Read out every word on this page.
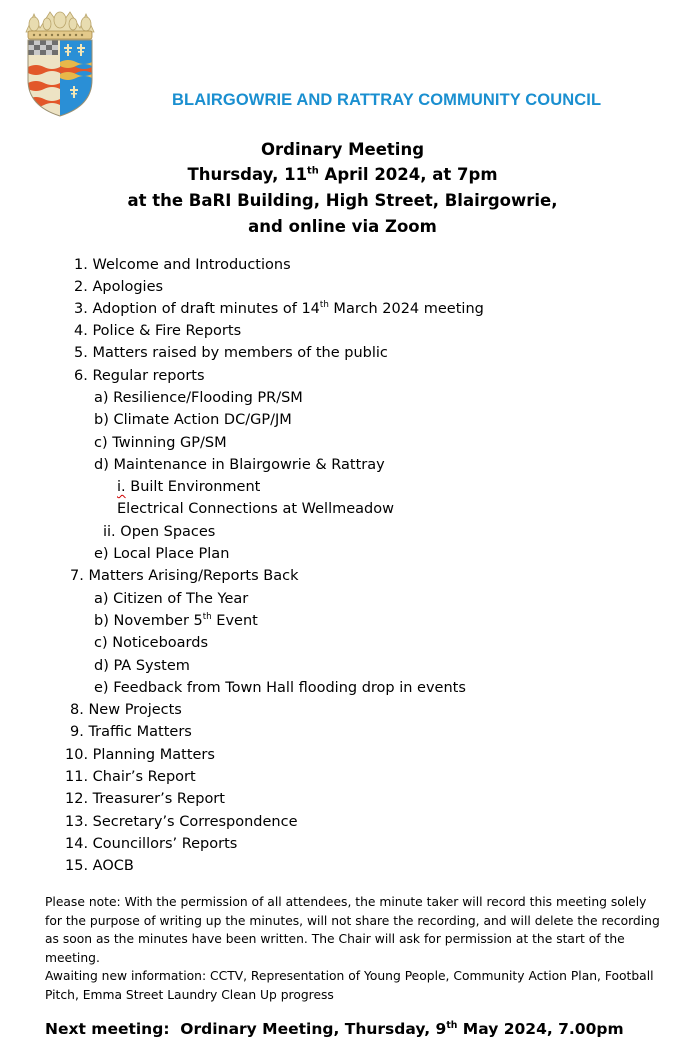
BLAIRGOWRIE AND RATTRAY COMMUNITY COUNCIL
Ordinary Meeting
Thursday, 11th April 2024, at 7pm
at the BaRI Building, High Street, Blairgowrie,
and online via Zoom
1. Welcome and Introductions
2. Apologies
3. Adoption of draft minutes of 14th March 2024 meeting
4. Police & Fire Reports
5. Matters raised by members of the public
6. Regular reports
a) Resilience/Flooding PR/SM
b) Climate Action DC/GP/JM
c) Twinning GP/SM
d) Maintenance in Blairgowrie & Rattray
i. Built Environment
Electrical Connections at Wellmeadow
ii. Open Spaces
e) Local Place Plan
7. Matters Arising/Reports Back
a) Citizen of The Year
b) November 5th Event
c) Noticeboards
d) PA System
e) Feedback from Town Hall flooding drop in events
8. New Projects
9. Traffic Matters
10. Planning Matters
11. Chair’s Report
12. Treasurer’s Report
13. Secretary’s Correspondence
14. Councillors’ Reports
15. AOCB
Please note: With the permission of all attendees, the minute taker will record this meeting solely for the purpose of writing up the minutes, will not share the recording, and will delete the recording as soon as the minutes have been written. The Chair will ask for permission at the start of the meeting.
Awaiting new information: CCTV, Representation of Young People, Community Action Plan, Football Pitch, Emma Street Laundry Clean Up progress
Next meeting:  Ordinary Meeting, Thursday, 9th May 2024, 7.00pm
